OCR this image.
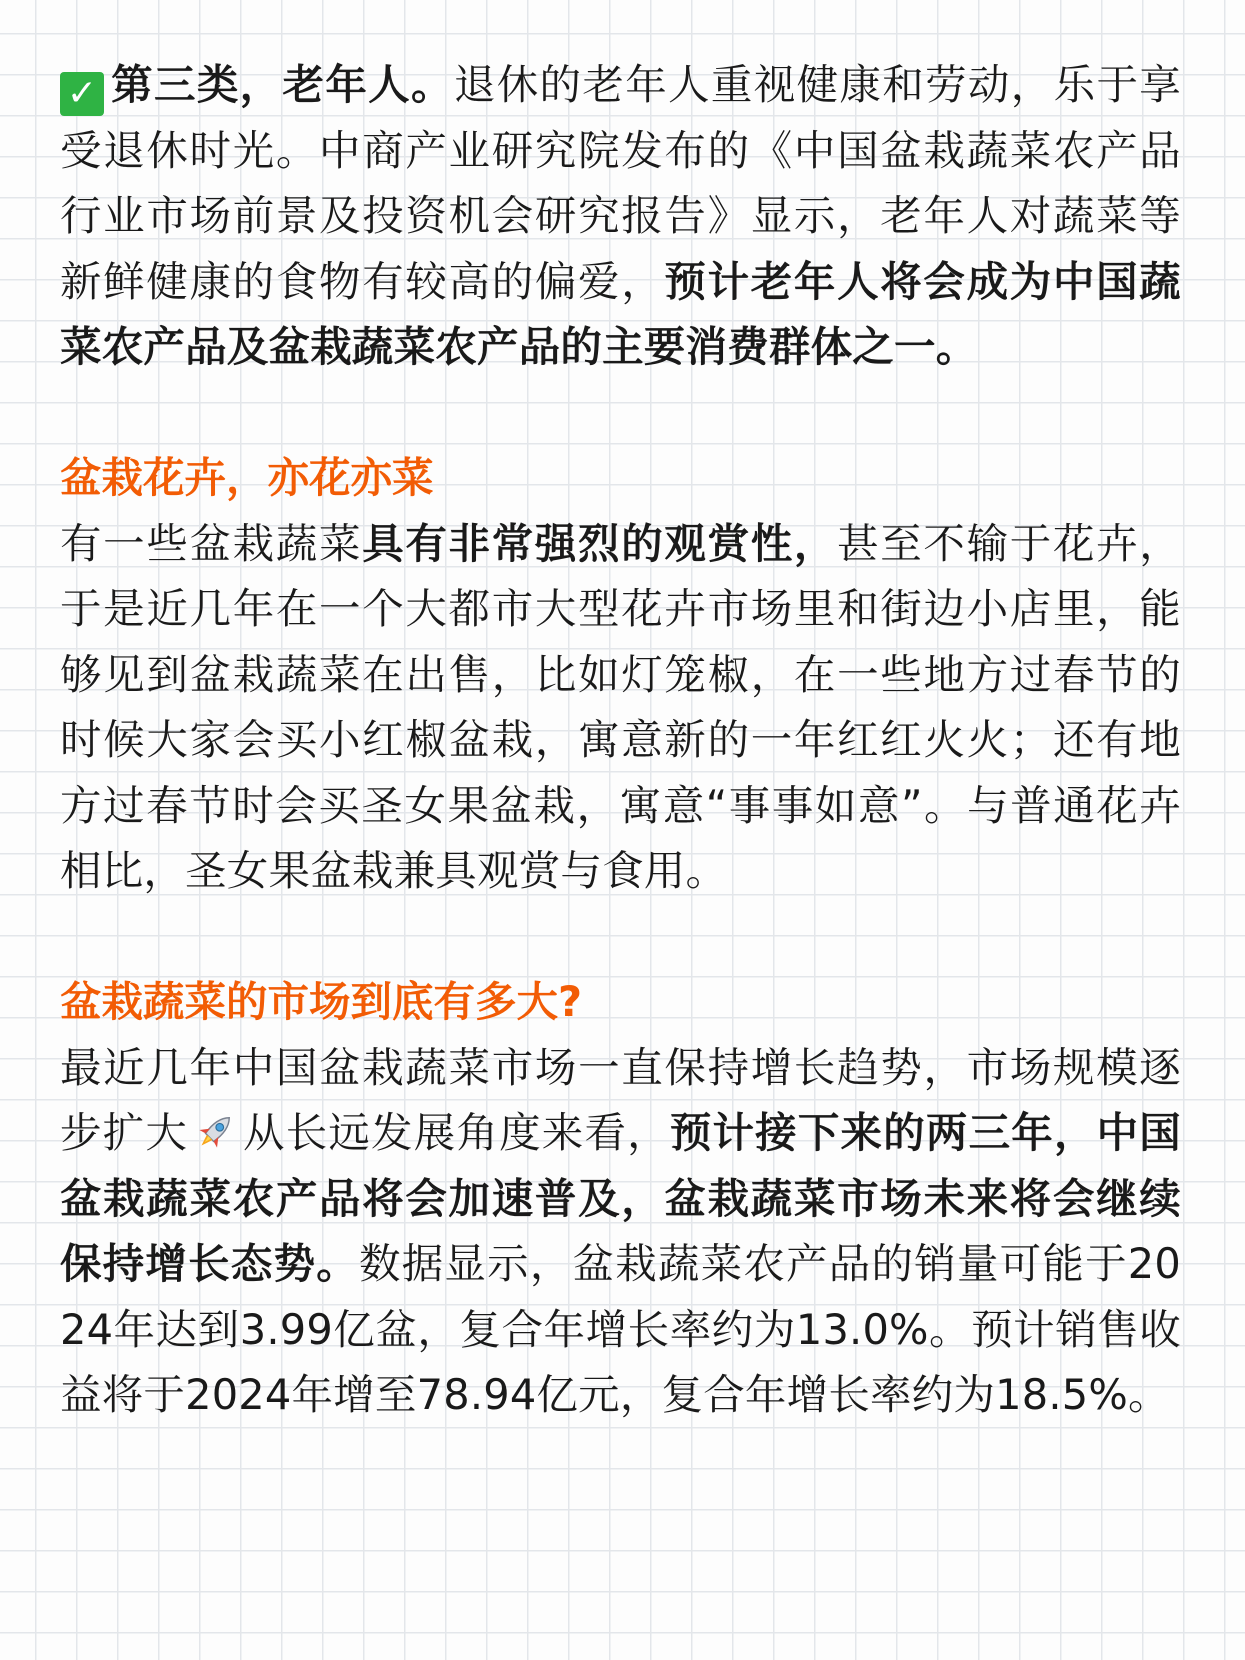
✓ 第三类，老年人。退休的老年人重视健康和劳动，乐于享受退休时光。中商产业研究院发布的《中国盆栽蔬菜农产品行业市场前景及投资机会研究报告》显示，老年人对蔬菜等新鲜健康的食物有较高的偏爱，预计老年人将会成为中国蔬菜农产品及盆栽蔬菜农产品的主要消费群体之一。

盆栽花卉，亦花亦菜

有一些盆栽蔬菜具有非常强烈的观赏性，甚至不输于花卉，于是近几年在一个大都市大型花卉市场里和街边小店里，能够见到盆栽蔬菜在出售，比如灯笼椒，在一些地方过春节的时候大家会买小红椒盆栽，寓意新的一年红红火火；还有地方过春节时会买圣女果盆栽，寓意“事事如意”。与普通花卉相比，圣女果盆栽兼具观赏与食用。

盆栽蔬菜的市场到底有多大?

最近几年中国盆栽蔬菜市场一直保持增长趋势，市场规模逐步扩大 从长远发展角度来看，预计接下来的两三年，中国盆栽蔬菜农产品将会加速普及，盆栽蔬菜市场未来将会继续保持增长态势。数据显示，盆栽蔬菜农产品的销量可能于2024年达到3.99亿盆，复合年增长率约为13.0%。预计销售收益将于2024年增至78.94亿元，复合年增长率约为18.5%。
